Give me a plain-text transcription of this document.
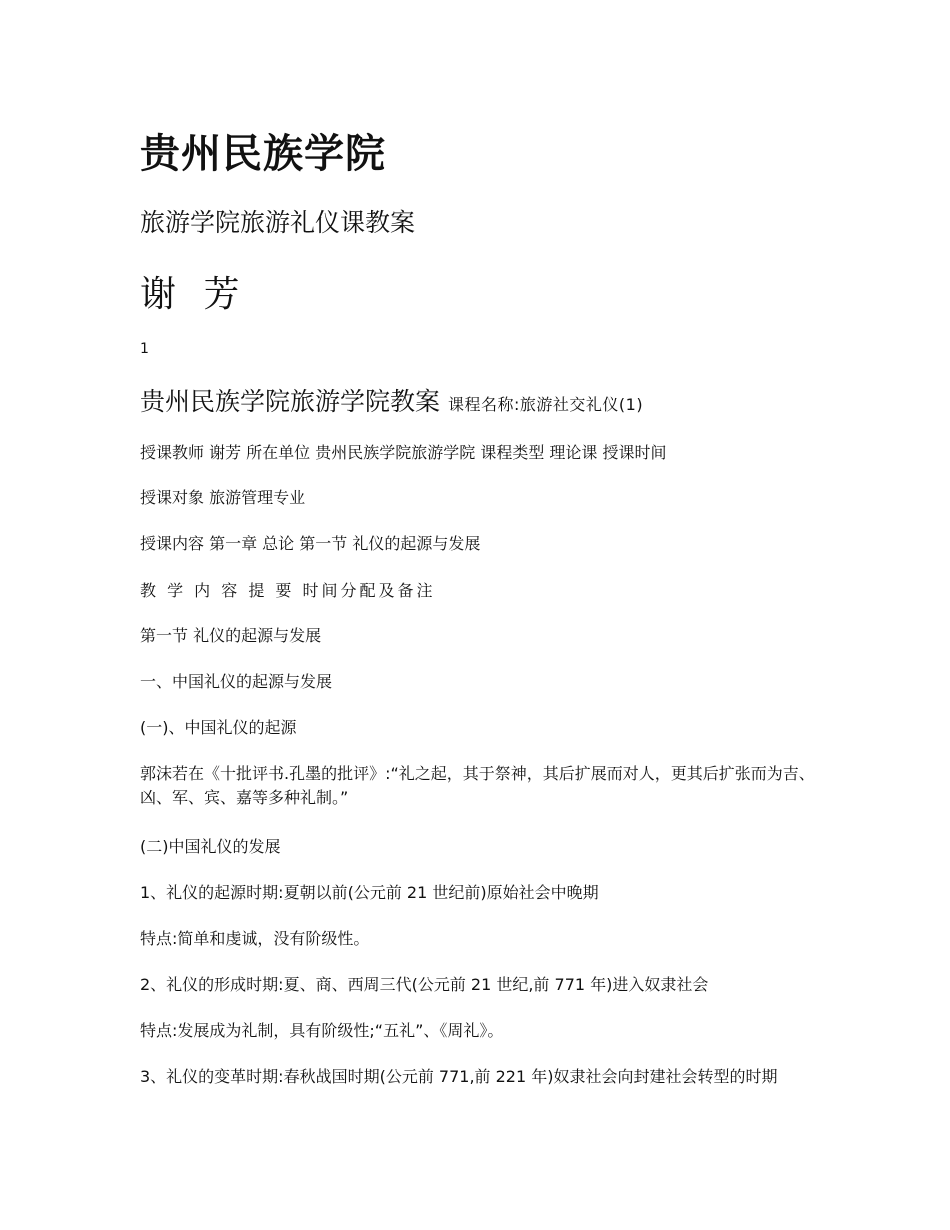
贵州民族学院
旅游学院旅游礼仪课教案
谢 芳
1
贵州民族学院旅游学院教案 课程名称:旅游社交礼仪(1)
授课教师 谢芳 所在单位 贵州民族学院旅游学院 课程类型 理论课 授课时间
授课对象 旅游管理专业
授课内容 第一章 总论 第一节 礼仪的起源与发展
教 学 内 容 提 要 时间分配及备注
第一节 礼仪的起源与发展
一、中国礼仪的起源与发展
(一)、中国礼仪的起源
郭沫若在《十批评书.孔墨的批评》:“礼之起，其于祭神，其后扩展而对人，更其后扩张而为吉、凶、军、宾、嘉等多种礼制。”
(二)中国礼仪的发展
1、礼仪的起源时期:夏朝以前(公元前 21 世纪前)原始社会中晚期
特点:简单和虔诚，没有阶级性。
2、礼仪的形成时期:夏、商、西周三代(公元前 21 世纪,前 771 年)进入奴隶社会
特点:发展成为礼制，具有阶级性;“五礼”、《周礼》。
3、礼仪的变革时期:春秋战国时期(公元前 771,前 221 年)奴隶社会向封建社会转型的时期
